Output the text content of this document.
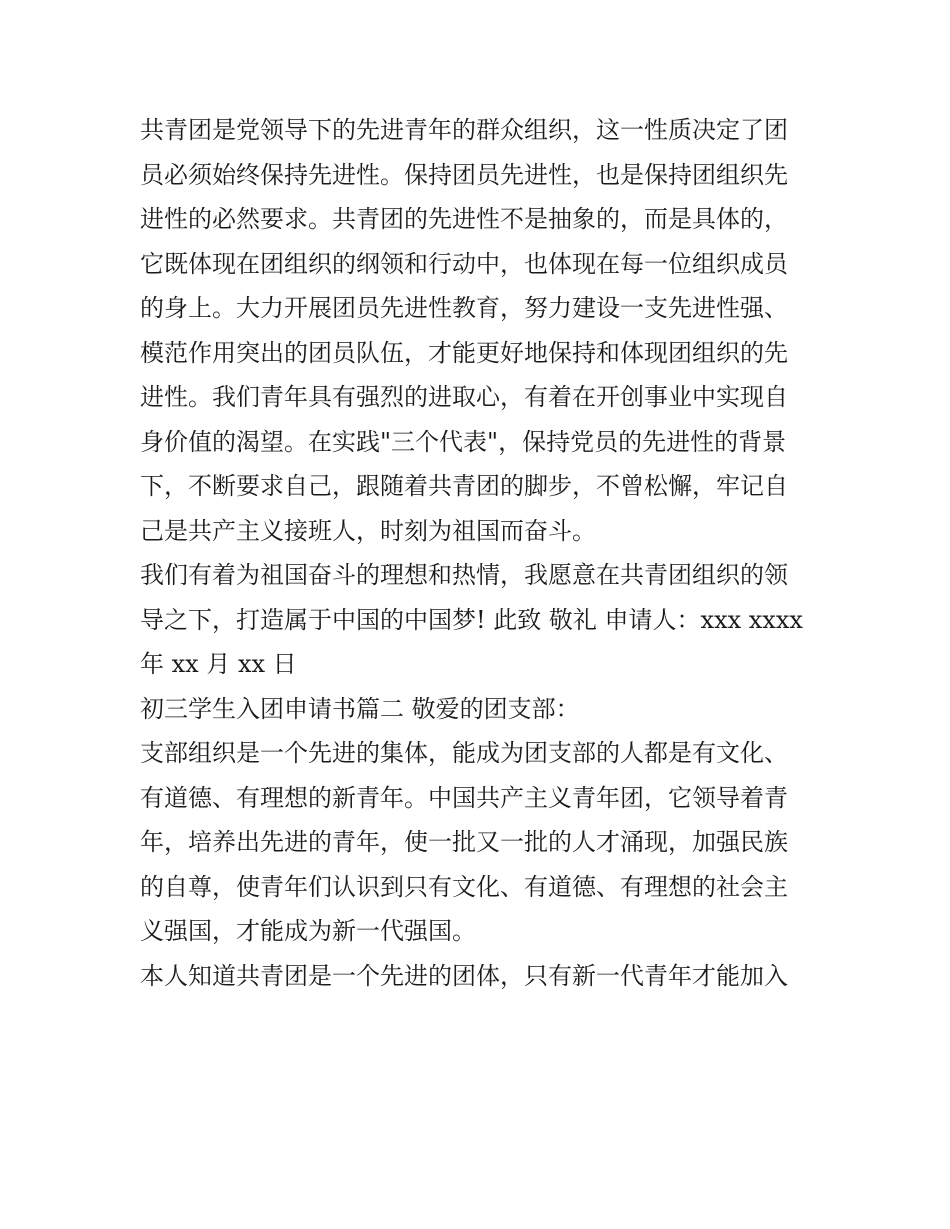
共青团是党领导下的先进青年的群众组织，这一性质决定了团
员必须始终保持先进性。保持团员先进性，也是保持团组织先
进性的必然要求。共青团的先进性不是抽象的，而是具体的，
它既体现在团组织的纲领和行动中，也体现在每一位组织成员
的身上。大力开展团员先进性教育，努力建设一支先进性强、
模范作用突出的团员队伍，才能更好地保持和体现团组织的先
进性。我们青年具有强烈的进取心，有着在开创事业中实现自
身价值的渴望。在实践"三个代表"，保持党员的先进性的背景
下，不断要求自己，跟随着共青团的脚步，不曾松懈，牢记自
己是共产主义接班人，时刻为祖国而奋斗。
我们有着为祖国奋斗的理想和热情，我愿意在共青团组织的领
导之下，打造属于中国的中国梦! 此致 敬礼 申请人：xxx xxxx
年 xx 月 xx 日
初三学生入团申请书篇二 敬爱的团支部：
支部组织是一个先进的集体，能成为团支部的人都是有文化、
有道德、有理想的新青年。中国共产主义青年团，它领导着青
年，培养出先进的青年，使一批又一批的人才涌现，加强民族
的自尊，使青年们认识到只有文化、有道德、有理想的社会主
义强国，才能成为新一代强国。
本人知道共青团是一个先进的团体，只有新一代青年才能加入
